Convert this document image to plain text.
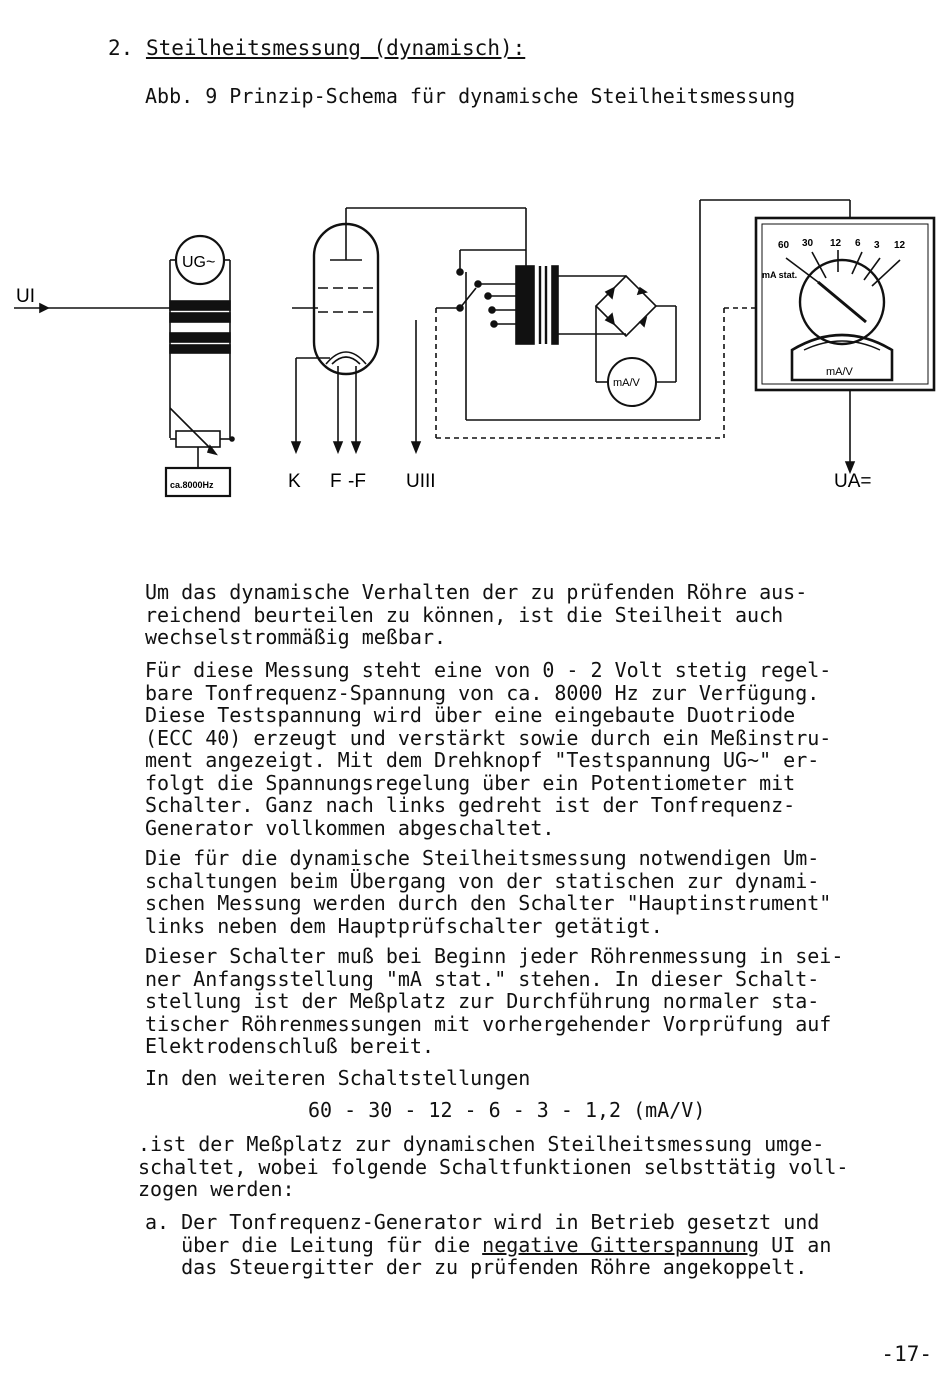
2. Steilheitsmessung (dynamisch):
Abb. 9 Prinzip-Schema für dynamische Steilheitsmessung
UI
UG~
ca.8000Hz	K F -F UIII	UA=
mA/V
mA/V
mA stat.
60 30 12 6 3 12
Um das dynamische Verhalten der zu prüfenden Röhre aus-
reichend beurteilen zu können, ist die Steilheit auch
wechselstrommäßig meßbar.
Für diese Messung steht eine von 0 - 2 Volt stetig regel-
bare Tonfrequenz-Spannung von ca. 8000 Hz zur Verfügung.
Diese Testspannung wird über eine eingebaute Duotriode
(ECC 40) erzeugt und verstärkt sowie durch ein Meßinstru-
ment angezeigt. Mit dem Drehknopf "Testspannung UG~" er-
folgt die Spannungsregelung über ein Potentiometer mit
Schalter. Ganz nach links gedreht ist der Tonfrequenz-
Generator vollkommen abgeschaltet.
Die für die dynamische Steilheitsmessung notwendigen Um-
schaltungen beim Übergang von der statischen zur dynami-
schen Messung werden durch den Schalter "Hauptinstrument"
links neben dem Hauptprüfschalter getätigt.
Dieser Schalter muß bei Beginn jeder Röhrenmessung in sei-
ner Anfangsstellung "mA stat." stehen. In dieser Schalt-
stellung ist der Meßplatz zur Durchführung normaler sta-
tischer Röhrenmessungen mit vorhergehender Vorprüfung auf
Elektrodenschluß bereit.
In den weiteren Schaltstellungen
60 - 30 - 12 - 6 - 3 - 1,2 (mA/V)
.ist der Meßplatz zur dynamischen Steilheitsmessung umge-
schaltet, wobei folgende Schaltfunktionen selbsttätig voll-
zogen werden:
a. Der Tonfrequenz-Generator wird in Betrieb gesetzt und
über die Leitung für die negative Gitterspannung UI an
das Steuergitter der zu prüfenden Röhre angekoppelt.
-17-
